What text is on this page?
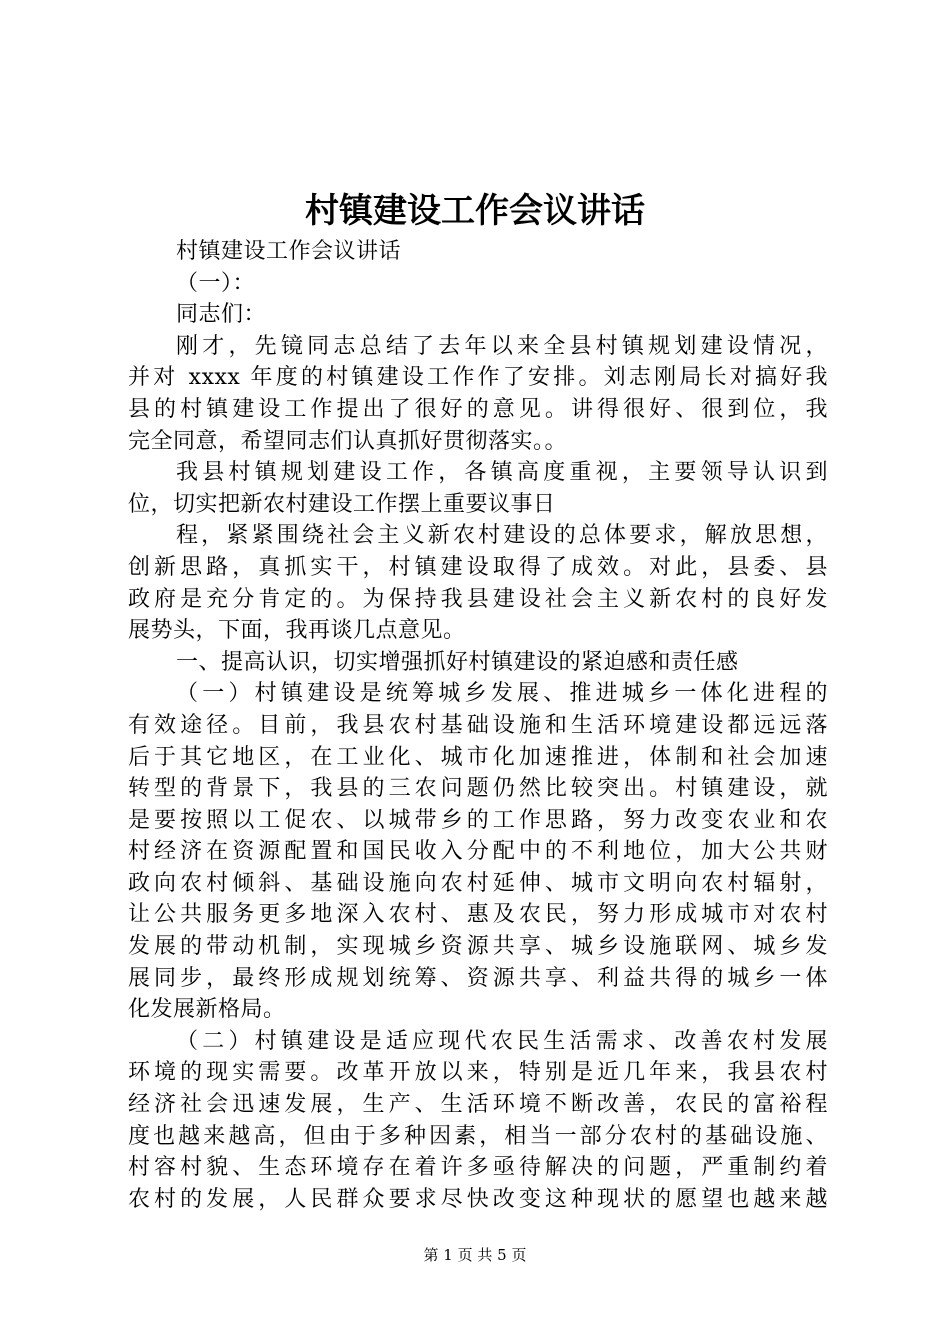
村镇建设工作会议讲话
村镇建设工作会议讲话
（一）：
同志们：
刚才，先镜同志总结了去年以来全县村镇规划建设情况，
并对 xxxx 年度的村镇建设工作作了安排。刘志刚局长对搞好我
县的村镇建设工作提出了很好的意见。讲得很好、很到位，我
完全同意，希望同志们认真抓好贯彻落实。。
我县村镇规划建设工作，各镇高度重视，主要领导认识到
位，切实把新农村建设工作摆上重要议事日
程，紧紧围绕社会主义新农村建设的总体要求，解放思想，
创新思路，真抓实干，村镇建设取得了成效。对此，县委、县
政府是充分肯定的。为保持我县建设社会主义新农村的良好发
展势头，下面，我再谈几点意见。
一、提高认识，切实增强抓好村镇建设的紧迫感和责任感
（一）村镇建设是统筹城乡发展、推进城乡一体化进程的
有效途径。目前，我县农村基础设施和生活环境建设都远远落
后于其它地区，在工业化、城市化加速推进，体制和社会加速
转型的背景下，我县的三农问题仍然比较突出。村镇建设，就
是要按照以工促农、以城带乡的工作思路，努力改变农业和农
村经济在资源配置和国民收入分配中的不利地位，加大公共财
政向农村倾斜、基础设施向农村延伸、城市文明向农村辐射，
让公共服务更多地深入农村、惠及农民，努力形成城市对农村
发展的带动机制，实现城乡资源共享、城乡设施联网、城乡发
展同步，最终形成规划统筹、资源共享、利益共得的城乡一体
化发展新格局。
（二）村镇建设是适应现代农民生活需求、改善农村发展
环境的现实需要。改革开放以来，特别是近几年来，我县农村
经济社会迅速发展，生产、生活环境不断改善，农民的富裕程
度也越来越高，但由于多种因素，相当一部分农村的基础设施、
村容村貌、生态环境存在着许多亟待解决的问题，严重制约着
农村的发展，人民群众要求尽快改变这种现状的愿望也越来越
第 1 页 共 5 页
